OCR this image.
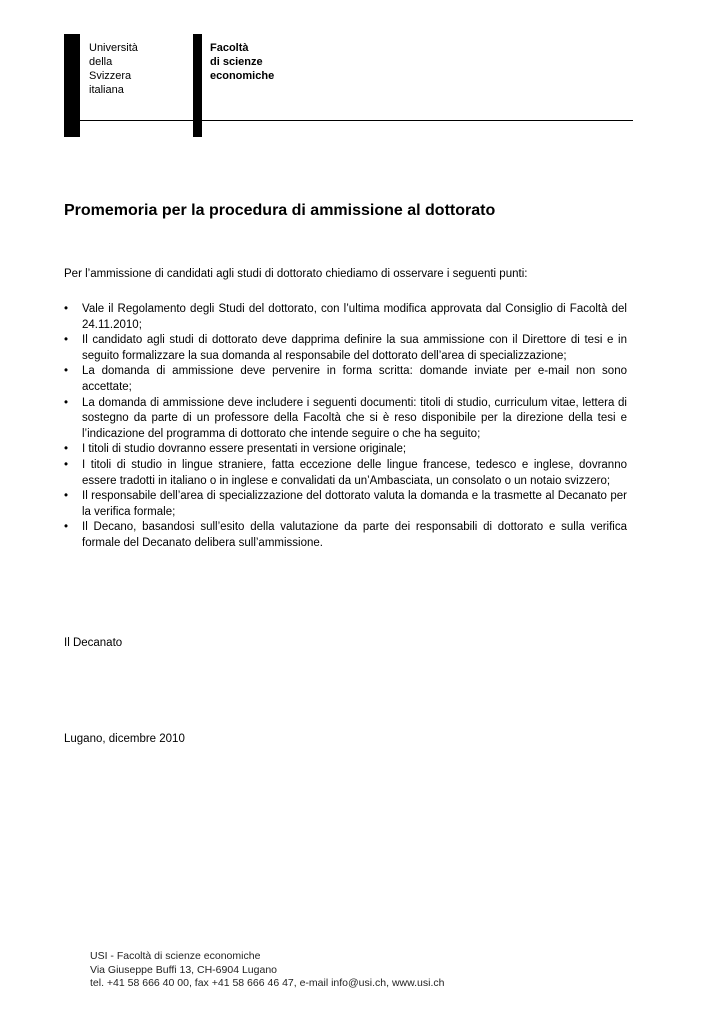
Università
della
Svizzera
italiana
Facoltà
di scienze
economiche
Promemoria per la procedura di ammissione al dottorato
Per l’ammissione di candidati agli studi di dottorato chiediamo di osservare i seguenti punti:
• Vale il Regolamento degli Studi del dottorato, con l’ultima modifica approvata dal Consiglio di Facoltà del 24.11.2010;
• Il candidato agli studi di dottorato deve dapprima definire la sua ammissione con il Direttore di tesi e in seguito formalizzare la sua domanda al responsabile del dottorato dell’area di specializzazione;
• La domanda di ammissione deve pervenire in forma scritta: domande inviate per e-mail non sono accettate;
• La domanda di ammissione deve includere i seguenti documenti: titoli di studio, curriculum vitae, lettera di sostegno da parte di un professore della Facoltà che si è reso disponibile per la direzione della tesi e l’indicazione del programma di dottorato che intende seguire o che ha seguito;
• I titoli di studio dovranno essere presentati in versione originale;
• I titoli di studio in lingue straniere, fatta eccezione delle lingue francese, tedesco e inglese, dovranno essere tradotti in italiano o in inglese e convalidati da un’Ambasciata, un consolato o un notaio svizzero;
• Il responsabile dell’area di specializzazione del dottorato valuta la domanda e la trasmette al Decanato per la verifica formale;
• Il Decano, basandosi sull’esito della valutazione da parte dei responsabili di dottorato e sulla verifica formale del Decanato delibera sull’ammissione.
Il Decanato
Lugano, dicembre 2010
USI - Facoltà di scienze economiche
Via Giuseppe Buffi 13, CH-6904 Lugano
tel. +41 58 666 40 00, fax +41 58 666 46 47, e-mail info@usi.ch, www.usi.ch
